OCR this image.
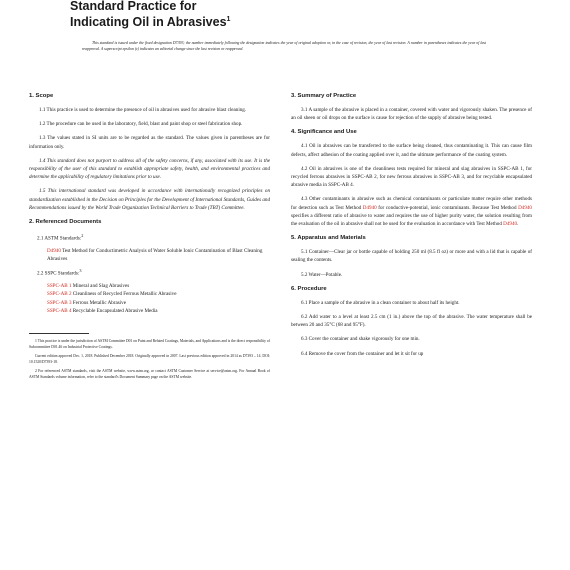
Standard Practice for
Indicating Oil in Abrasives$^1$

This standard is issued under the fixed designation D7393; the number immediately following the designation indicates the year of original adoption or, in the case of revision, the year of last revision. A number in parentheses indicates the year of last reapproval. A superscript epsilon (ε) indicates an editorial change since the last revision or reapproval.

1. Scope

1.1 This practice is used to determine the presence of oil in abrasives used for abrasive blast cleaning.

1.2 The procedure can be used in the laboratory, field, blast and paint shop or steel fabrication shop.

1.3 The values stated in SI units are to be regarded as the standard. The values given in parentheses are for information only.

1.4 This standard does not purport to address all of the safety concerns, if any, associated with its use. It is the responsibility of the user of this standard to establish appropriate safety, health, and environmental practices and determine the applicability of regulatory limitations prior to use.

1.5 This international standard was developed in accordance with internationally recognized principles on standardization established in the Decision on Principles for the Development of International Standards, Guides and Recommendations issued by the World Trade Organization Technical Barriers to Trade (TBT) Committee.

2. Referenced Documents

2.1 ASTM Standards:$^2$

D4940 Test Method for Conductimetric Analysis of Water Soluble Ionic Contamination of Blast Cleaning Abrasives

2.2 SSPC Standards:$^3$

SSPC-AB 1 Mineral and Slag Abrasives

SSPC-AB 2 Cleanliness of Recycled Ferrous Metallic Abrasive

SSPC-AB 3 Ferrous Metallic Abrasive

SSPC-AB 4 Recyclable Encapsulated Abrasive Media

1 This practice is under the jurisdiction of ASTM Committee D01 on Paint and Related Coatings, Materials, and Applications and is the direct responsibility of Subcommittee D01.46 on Industrial Protective Coatings.

Current edition approved Dec. 1, 2018. Published December 2018. Originally approved in 2007. Last previous edition approved in 2014 as D7393 – 14. DOI: 10.1520/D7393-18.

2 For referenced ASTM standards, visit the ASTM website, www.astm.org, or contact ASTM Customer Service at service@astm.org. For Annual Book of ASTM Standards volume information, refer to the standard's Document Summary page on the ASTM website.

3. Summary of Practice

3.1 A sample of the abrasive is placed in a container, covered with water and vigorously shaken. The presence of an oil sheen or oil drops on the surface is cause for rejection of the supply of abrasive being tested.

4. Significance and Use

4.1 Oil in abrasives can be transferred to the surface being cleaned, thus contaminating it. This can cause film defects, affect adhesion of the coating applied over it, and the ultimate performance of the coating system.

4.2 Oil in abrasives is one of the cleanliness tests required for mineral and slag abrasives in SSPC-AB 1, for recycled ferrous abrasives in SSPC-AB 2, for new ferrous abrasives in SSPC-AB 3, and for recyclable encapsulated abrasive media in SSPC-AB 4.

4.3 Other contaminants in abrasive such as chemical contaminants or particulate matter require other methods for detection such as Test Method D4940 for conductive-potential, ionic contaminants. Because Test Method D4940 specifies a different ratio of abrasive to water and requires the use of higher purity water, the solution resulting from the evaluation of the oil in abrasive shall not be used for the evaluation in accordance with Test Method D4940.

5. Apparatus and Materials

5.1 Container—Clear jar or bottle capable of holding 250 ml (8.5 fl oz) or more and with a lid that is capable of sealing the contents.

5.2 Water—Potable.

6. Procedure

6.1 Place a sample of the abrasive in a clean container to about half its height.

6.2 Add water to a level at least 2.5 cm (1 in.) above the top of the abrasive. The water temperature shall be between 20 and 35°C (68 and 95°F).

6.3 Cover the container and shake vigorously for one min.

6.4 Remove the cover from the container and let it sit for up
